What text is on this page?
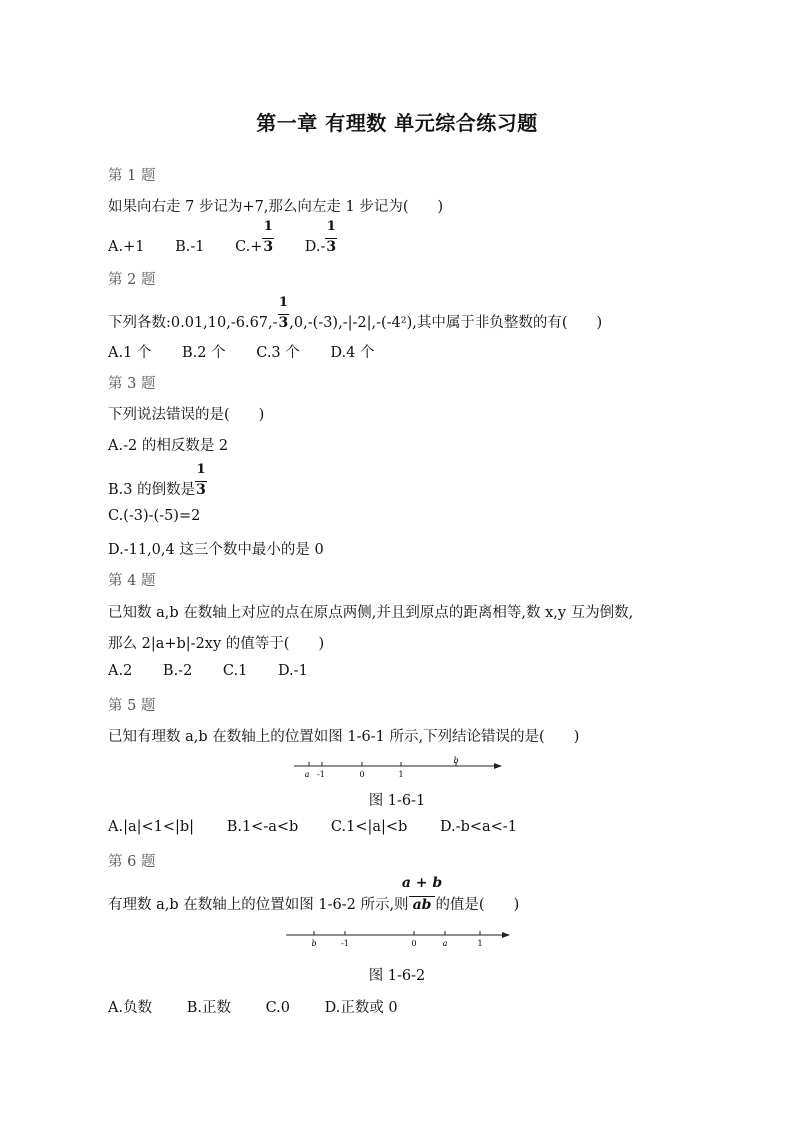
第一章 有理数 单元综合练习题
第 1 题
如果向右走 7 步记为+7,那么向左走 1 步记为(　　)
A.+1 B.-1 $C.+ \frac{1}{3} D.- \frac{1}{3}$
第 2 题
下列各数:0.01,10,-6.67,- $\frac{1}{3},0,-(-3),-|-2|,-(-4^2)$,其中属于非负整数的有(　　)
A.1 个 B.2 个 C.3 个 D.4 个
第 3 题
下列说法错误的是(　　)
A.-2 的相反数是 2
B.3 的倒数是 $\frac{1}{3}$
C.(-3)-(-5)=2
D.-11,0,4 这三个数中最小的是 0
第 4 题
已知数 a,b 在数轴上对应的点在原点两侧,并且到原点的距离相等,数 x,y 互为倒数,
那么 2|a+b|-2xy 的值等于(　　)
A.2 B.-2 C.1 D.-1
第 5 题
已知有理数 a,b 在数轴上的位置如图 1-6-1 所示,下列结论错误的是(　　)
a -1	0	1
b
图 1-6-1
A.|a|<1<|b| B.1<-a<b C.1<|a|<b D.-b<a<-1
第 6 题
有理数 a,b 在数轴上的位置如图 1-6-2 所示,则 $\frac{a + b}{ab}$的值是(　　)
b	-1	0	a	1
图 1-6-2
A.负数 B.正数 C.0 D.正数或 0
